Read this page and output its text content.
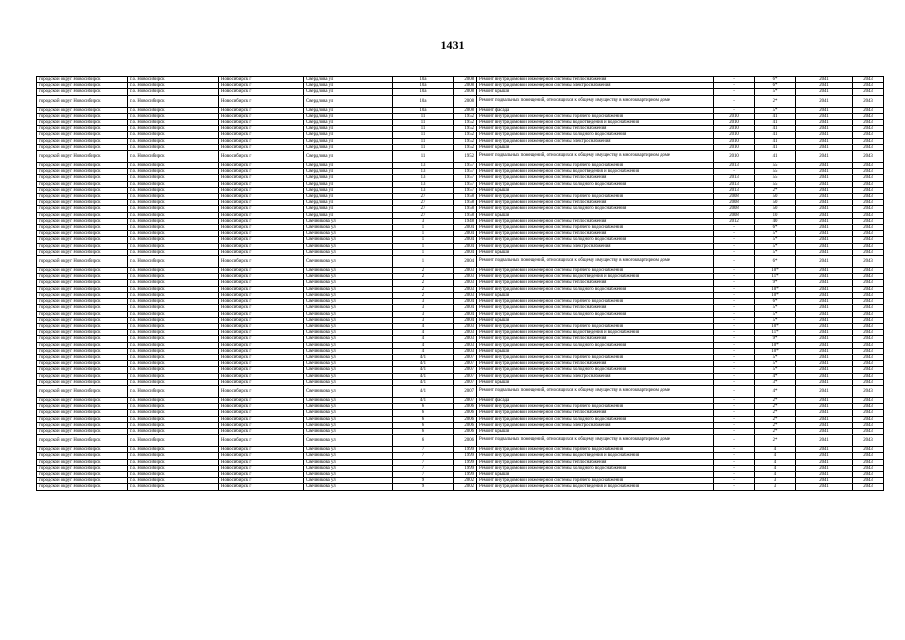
1431
городской округ Новосибирск	г.о. Новосибирск	Новосибирск г	Свердлова ул	10а	2008	Ремонт внутридомовой инженерной системы теплоснабжения	-	6*	2041	2043
городской округ Новосибирск	г.о. Новосибирск	Новосибирск г	Свердлова ул	10а	2008	Ремонт внутридомовой инженерной системы электроснабжения	-	6*	2041	2043
городской округ Новосибирск	г.о. Новосибирск	Новосибирск г	Свердлова ул	10а	2008	Ремонт крыши	-	5*	2041	2043
городской округ Новосибирск	г.о. Новосибирск	Новосибирск г	Свердлова ул	10а	2008	Ремонт подвальных помещений, относящихся к общему имуществу в многоквартирном доме	-	2*	2041	2043
городской округ Новосибирск	г.о. Новосибирск	Новосибирск г	Свердлова ул	10а	2008	Ремонт фасада	-	5*	2041	2043
городской округ Новосибирск	г.о. Новосибирск	Новосибирск г	Свердлова ул	11	1952	Ремонт внутридомовой инженерной системы горячего водоснабжения	2010	41	2041	2043
городской округ Новосибирск	г.о. Новосибирск	Новосибирск г	Свердлова ул	11	1952	Ремонт внутридомовой инженерной системы водоотведения и водоснабжения	2010	41	2041	2043
городской округ Новосибирск	г.о. Новосибирск	Новосибирск г	Свердлова ул	11	1952	Ремонт внутридомовой инженерной системы теплоснабжения	2010	41	2041	2043
городской округ Новосибирск	г.о. Новосибирск	Новосибирск г	Свердлова ул	11	1952	Ремонт внутридомовой инженерной системы холодного водоснабжения	2010	41	2041	2043
городской округ Новосибирск	г.о. Новосибирск	Новосибирск г	Свердлова ул	11	1952	Ремонт внутридомовой инженерной системы электроснабжения	2010	41	2041	2043
городской округ Новосибирск	г.о. Новосибирск	Новосибирск г	Свердлова ул	11	1952	Ремонт крыши	2010	41	2041	2043
городской округ Новосибирск	г.о. Новосибирск	Новосибирск г	Свердлова ул	11	1952	Ремонт подвальных помещений, относящихся к общему имуществу в многоквартирном доме	2010	41	2041	2043
городской округ Новосибирск	г.о. Новосибирск	Новосибирск г	Свердлова ул	13	1957	Ремонт внутридомовой инженерной системы горячего водоснабжения	2013	55	2041	2043
городской округ Новосибирск	г.о. Новосибирск	Новосибирск г	Свердлова ул	13	1957	Ремонт внутридомовой инженерной системы водоотведения и водоснабжения	-	55	2041	2043
городской округ Новосибирск	г.о. Новосибирск	Новосибирск г	Свердлова ул	13	1957	Ремонт внутридомовой инженерной системы теплоснабжения	2013	55	2041	2043
городской округ Новосибирск	г.о. Новосибирск	Новосибирск г	Свердлова ул	13	1957	Ремонт внутридомовой инженерной системы холодного водоснабжения	2013	55	2041	2043
городской округ Новосибирск	г.о. Новосибирск	Новосибирск г	Свердлова ул	13	1957	Ремонт крыши	2013	2*	2041	2043
городской округ Новосибирск	г.о. Новосибирск	Новосибирск г	Свердлова ул	27	1958	Ремонт внутридомовой инженерной системы горячего водоснабжения	2008	50	2041	2043
городской округ Новосибирск	г.о. Новосибирск	Новосибирск г	Свердлова ул	27	1958	Ремонт внутридомовой инженерной системы теплоснабжения	2008	50	2041	2043
городской округ Новосибирск	г.о. Новосибирск	Новосибирск г	Свердлова ул	27	1958	Ремонт внутридомовой инженерной системы холодного водоснабжения	2008	50	2041	2043
городской округ Новосибирск	г.о. Новосибирск	Новосибирск г	Свердлова ул	27	1958	Ремонт крыши	2008	10	2041	2043
городской округ Новосибирск	г.о. Новосибирск	Новосибирск г	Свечникова ул	3	1948	Ремонт внутридомовой инженерной системы теплоснабжения	2012	40	2041	2043
городской округ Новосибирск	г.о. Новосибирск	Новосибирск г	Свечникова ул	1	2004	Ремонт внутридомовой инженерной системы горячего водоснабжения	-	6*	2041	2043
городской округ Новосибирск	г.о. Новосибирск	Новосибирск г	Свечникова ул	1	2004	Ремонт внутридомовой инженерной системы теплоснабжения	-	5*	2041	2043
городской округ Новосибирск	г.о. Новосибирск	Новосибирск г	Свечникова ул	1	2004	Ремонт внутридомовой инженерной системы холодного водоснабжения	-	5*	2041	2043
городской округ Новосибирск	г.о. Новосибирск	Новосибирск г	Свечникова ул	1	2004	Ремонт внутридомовой инженерной системы электроснабжения	-	5*	2041	2043
городской округ Новосибирск	г.о. Новосибирск	Новосибирск г	Свечникова ул	1	2004	Ремонт крыши	-	5*	2041	2043
городской округ Новосибирск	г.о. Новосибирск	Новосибирск г	Свечникова ул	1	2004	Ремонт подвальных помещений, относящихся к общему имуществу в многоквартирном доме	-	6*	2041	2043
городской округ Новосибирск	г.о. Новосибирск	Новосибирск г	Свечникова ул	2	2003	Ремонт внутридомовой инженерной системы горячего водоснабжения	-	10*	2041	2043
городской округ Новосибирск	г.о. Новосибирск	Новосибирск г	Свечникова ул	2	2003	Ремонт внутридомовой инженерной системы водоотведения и водоснабжения	-	11*	2041	2043
городской округ Новосибирск	г.о. Новосибирск	Новосибирск г	Свечникова ул	2	2003	Ремонт внутридомовой инженерной системы теплоснабжения	-	9*	2041	2043
городской округ Новосибирск	г.о. Новосибирск	Новосибирск г	Свечникова ул	2	2003	Ремонт внутридомовой инженерной системы холодного водоснабжения	-	10*	2041	2043
городской округ Новосибирск	г.о. Новосибирск	Новосибирск г	Свечникова ул	2	2003	Ремонт крыши	-	10*	2041	2043
городской округ Новосибирск	г.о. Новосибирск	Новосибирск г	Свечникова ул	3	2004	Ремонт внутридомовой инженерной системы горячего водоснабжения	-	6*	2041	2043
городской округ Новосибирск	г.о. Новосибирск	Новосибирск г	Свечникова ул	3	2004	Ремонт внутридомовой инженерной системы теплоснабжения	-	5*	2041	2043
городской округ Новосибирск	г.о. Новосибирск	Новосибирск г	Свечникова ул	3	2004	Ремонт внутридомовой инженерной системы холодного водоснабжения	-	5*	2041	2043
городской округ Новосибирск	г.о. Новосибирск	Новосибирск г	Свечникова ул	3	2004	Ремонт крыши	-	5*	2041	2043
городской округ Новосибирск	г.о. Новосибирск	Новосибирск г	Свечникова ул	4	2003	Ремонт внутридомовой инженерной системы горячего водоснабжения	-	10*	2041	2043
городской округ Новосибирск	г.о. Новосибирск	Новосибирск г	Свечникова ул	4	2003	Ремонт внутридомовой инженерной системы водоотведения и водоснабжения	-	11*	2041	2043
городской округ Новосибирск	г.о. Новосибирск	Новосибирск г	Свечникова ул	4	2003	Ремонт внутридомовой инженерной системы теплоснабжения	-	9*	2041	2043
городской округ Новосибирск	г.о. Новосибирск	Новосибирск г	Свечникова ул	4	2003	Ремонт внутридомовой инженерной системы холодного водоснабжения	-	10*	2041	2043
городской округ Новосибирск	г.о. Новосибирск	Новосибирск г	Свечникова ул	4	2003	Ремонт крыши	-	10*	2041	2043
городской округ Новосибирск	г.о. Новосибирск	Новосибирск г	Свечникова ул	4/1	2007	Ремонт внутридомовой инженерной системы горячего водоснабжения	-	5*	2041	2043
городской округ Новосибирск	г.о. Новосибирск	Новосибирск г	Свечникова ул	4/1	2007	Ремонт внутридомовой инженерной системы теплоснабжения	-	5*	2041	2043
городской округ Новосибирск	г.о. Новосибирск	Новосибирск г	Свечникова ул	4/1	2007	Ремонт внутридомовой инженерной системы холодного водоснабжения	-	5*	2041	2043
городской округ Новосибирск	г.о. Новосибирск	Новосибирск г	Свечникова ул	4/1	2007	Ремонт внутридомовой инженерной системы электроснабжения	-	4*	2041	2043
городской округ Новосибирск	г.о. Новосибирск	Новосибирск г	Свечникова ул	4/1	2007	Ремонт крыши	-	3*	2041	2043
городской округ Новосибирск	г.о. Новосибирск	Новосибирск г	Свечникова ул	4/1	2007	Ремонт подвальных помещений, относящихся к общему имуществу в многоквартирном доме	-	4*	2041	2043
городской округ Новосибирск	г.о. Новосибирск	Новосибирск г	Свечникова ул	4/1	2007	Ремонт фасада	-	2*	2041	2043
городской округ Новосибирск	г.о. Новосибирск	Новосибирск г	Свечникова ул	6	2006	Ремонт внутридомовой инженерной системы горячего водоснабжения	-	2*	2041	2043
городской округ Новосибирск	г.о. Новосибирск	Новосибирск г	Свечникова ул	6	2006	Ремонт внутридомовой инженерной системы теплоснабжения	-	2*	2041	2043
городской округ Новосибирск	г.о. Новосибирск	Новосибирск г	Свечникова ул	6	2006	Ремонт внутридомовой инженерной системы холодного водоснабжения	-	2*	2041	2043
городской округ Новосибирск	г.о. Новосибирск	Новосибирск г	Свечникова ул	6	2006	Ремонт внутридомовой инженерной системы электроснабжения	-	2*	2041	2043
городской округ Новосибирск	г.о. Новосибирск	Новосибирск г	Свечникова ул	6	2006	Ремонт крыши	-	2*	2041	2043
городской округ Новосибирск	г.о. Новосибирск	Новосибирск г	Свечникова ул	6	2006	Ремонт подвальных помещений, относящихся к общему имуществу в многоквартирном доме	-	2*	2041	2043
городской округ Новосибирск	г.о. Новосибирск	Новосибирск г	Свечникова ул	7	1999	Ремонт внутридомовой инженерной системы горячего водоснабжения	-	4	2041	2043
городской округ Новосибирск	г.о. Новосибирск	Новосибирск г	Свечникова ул	7	1999	Ремонт внутридомовой инженерной системы водоотведения и водоснабжения	-	4	2041	2043
городской округ Новосибирск	г.о. Новосибирск	Новосибирск г	Свечникова ул	7	1999	Ремонт внутридомовой инженерной системы теплоснабжения	-	4	2041	2043
городской округ Новосибирск	г.о. Новосибирск	Новосибирск г	Свечникова ул	7	1999	Ремонт внутридомовой инженерной системы холодного водоснабжения	-	4	2041	2043
городской округ Новосибирск	г.о. Новосибирск	Новосибирск г	Свечникова ул	7	1999	Ремонт крыши	-	4	2041	2043
городской округ Новосибирск	г.о. Новосибирск	Новосибирск г	Свечникова ул	9	2002	Ремонт внутридомовой инженерной системы горячего водоснабжения	-	3	2041	2043
городской округ Новосибирск	г.о. Новосибирск	Новосибирск г	Свечникова ул	9	2002	Ремонт внутридомовой инженерной системы водоотведения и водоснабжения	-	3	2041	2043
